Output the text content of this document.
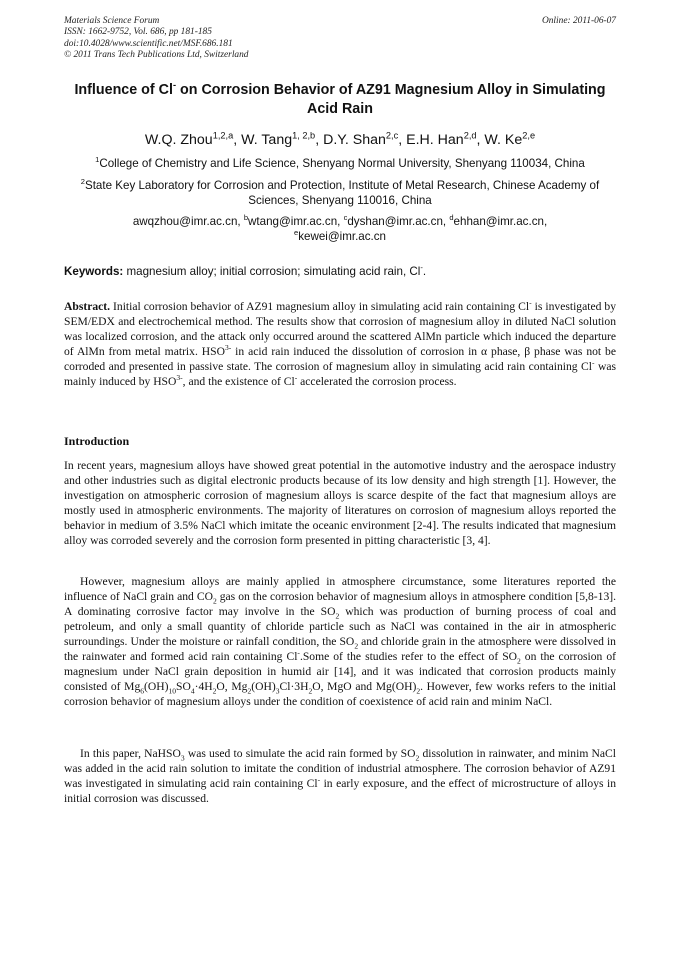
Materials Science Forum	Online: 2011-06-07
ISSN: 1662-9752, Vol. 686, pp 181-185
doi:10.4028/www.scientific.net/MSF.686.181
© 2011 Trans Tech Publications Ltd, Switzerland
Influence of Cl- on Corrosion Behavior of AZ91 Magnesium Alloy in Simulating Acid Rain
W.Q. Zhou$^{1,2,a}$, W. Tang$^{1, 2,b}$, D.Y. Shan$^{2,c}$, E.H. Han$^{2,d}$, W. Ke$^{2,e}$
$^1$College of Chemistry and Life Science, Shenyang Normal University, Shenyang 110034, China
$^2$State Key Laboratory for Corrosion and Protection, Institute of Metal Research, Chinese Academy of Sciences, Shenyang 110016, China
awqzhou@imr.ac.cn, $^b$wtang@imr.ac.cn, $^c$dyshan@imr.ac.cn, $^d$ehhan@imr.ac.cn,
$^e$kewei@imr.ac.cn
Keywords: magnesium alloy; initial corrosion; simulating acid rain, Cl-.
Abstract. Initial corrosion behavior of AZ91 magnesium alloy in simulating acid rain containing Cl- is investigated by SEM/EDX and electrochemical method. The results show that corrosion of magnesium alloy in diluted NaCl solution was localized corrosion, and the attack only occurred around the scattered AlMn particle which induced the departure of AlMn from metal matrix. $HSO^{3-}$ in acid rain induced the dissolution of corrosion in α phase, β phase was not be corroded and presented in passive state. The corrosion of magnesium alloy in simulating acid rain containing Cl- was mainly induced by $HSO^{3-}$, and the existence of Cl- accelerated the corrosion process.
Introduction

In recent years, magnesium alloys have showed great potential in the automotive industry and the aerospace industry and other industries such as digital electronic products because of its low density and high strength [1]. However, the investigation on atmospheric corrosion of magnesium alloys is scarce despite of the fact that magnesium alloys are mostly used in atmospheric environments. The majority of literatures on corrosion of magnesium alloys reported the behavior in medium of 3.5% NaCl which imitate the oceanic environment [2-4]. The results indicated that magnesium alloy was corroded severely and the corrosion form presented in pitting characteristic [3, 4].

However, magnesium alloys are mainly applied in atmosphere circumstance, some literatures reported the influence of NaCl grain and $CO_2$ gas on the corrosion behavior of magnesium alloys in atmosphere condition [5,8-13]. A dominating corrosive factor may involve in the $SO_2$ which was production of burning process of coal and petroleum, and only a small quantity of chloride particle such as NaCl was contained in the air in atmospheric surroundings. Under the moisture or rainfall condition, the $SO_2$ and chloride grain in the atmosphere were dissolved in the rainwater and formed acid rain containing Cl-.Some of the studies refer to the effect of $SO_2$ on the corrosion of magnesium under NaCl grain deposition in humid air [14], and it was indicated that corrosion products mainly consisted of $Mg_6(OH)_{10}SO_4\cdot 4H_2O$, $Mg_2(OH)_3Cl\cdot 3H_2O$, MgO and $Mg(OH)_2$. However, few works refers to the initial corrosion behavior of magnesium alloys under the condition of coexistence of acid rain and minim NaCl.

In this paper, NaHSO$_3$ was used to simulate the acid rain formed by $SO_2$ dissolution in rainwater, and minim NaCl was added in the acid rain solution to imitate the condition of industrial atmosphere. The corrosion behavior of AZ91 was investigated in simulating acid rain containing Cl- in early exposure, and the effect of microstructure of alloys in initial corrosion was discussed.
